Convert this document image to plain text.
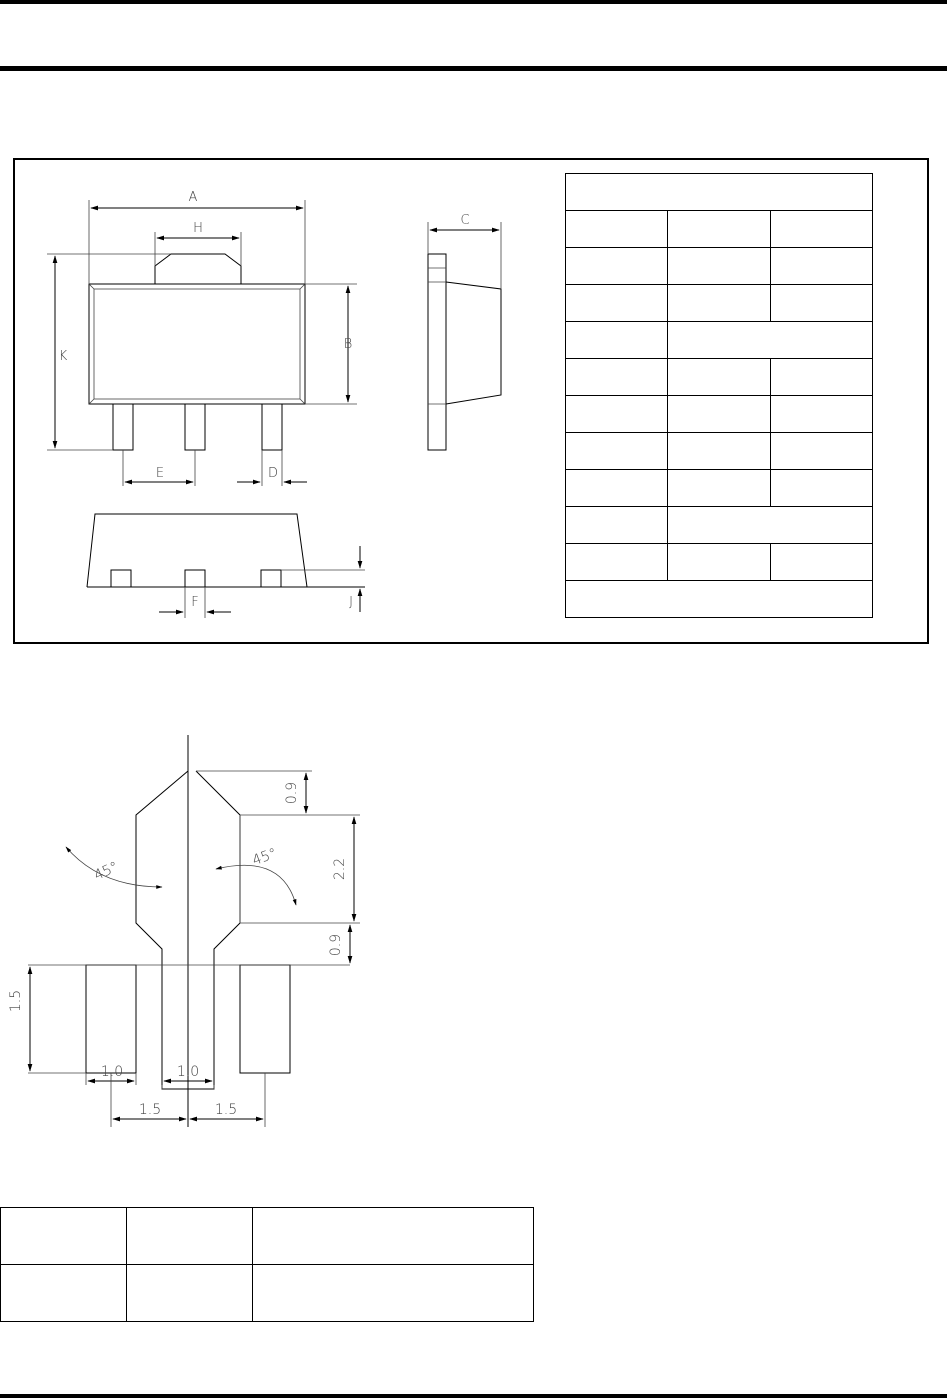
A
H
K
B
E	D
C
F	J

0.9
2.2
0.9
1.5
45°
45°
1.0	1.0
1.5	1.5
